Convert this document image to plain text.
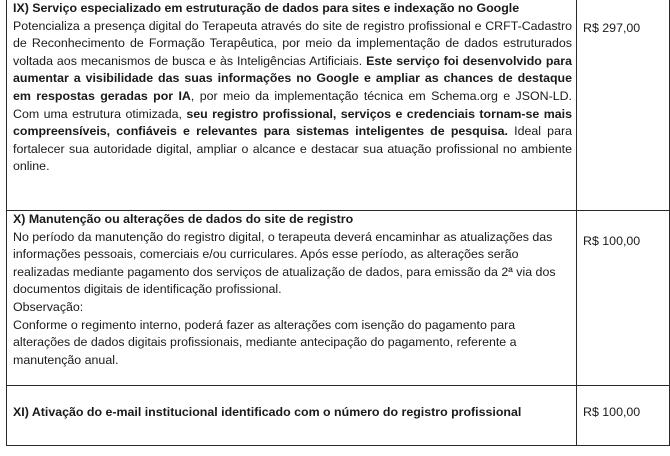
IX) Serviço especializado em estruturação de dados para sites e indexação no Google
Potencializa a presença digital do Terapeuta através do site de registro profissional e CRFT-Cadastro de Reconhecimento de Formação Terapêutica, por meio da implementação de dados estruturados voltada aos mecanismos de busca e às Inteligências Artificiais. Este serviço foi desenvolvido para aumentar a visibilidade das suas informações no Google e ampliar as chances de destaque em respostas geradas por IA, por meio da implementação técnica em Schema.org e JSON-LD. Com uma estrutura otimizada, seu registro profissional, serviços e credenciais tornam-se mais compreensíveis, confiáveis e relevantes para sistemas inteligentes de pesquisa. Ideal para fortalecer sua autoridade digital, ampliar o alcance e destacar sua atuação profissional no ambiente online.	R$ 297,00

X) Manutenção ou alterações de dados do site de registro
No período da manutenção do registro digital, o terapeuta deverá encaminhar as atualizações das informações pessoais, comerciais e/ou curriculares. Após esse período, as alterações serão realizadas mediante pagamento dos serviços de atualização de dados, para emissão da 2ª via dos documentos digitais de identificação profissional.
Observação:
Conforme o regimento interno, poderá fazer as alterações com isenção do pagamento para alterações de dados digitais profissionais, mediante antecipação do pagamento, referente a manutenção anual.	R$ 100,00

XI) Ativação do e-mail institucional identificado com o número do registro profissional	R$ 100,00
